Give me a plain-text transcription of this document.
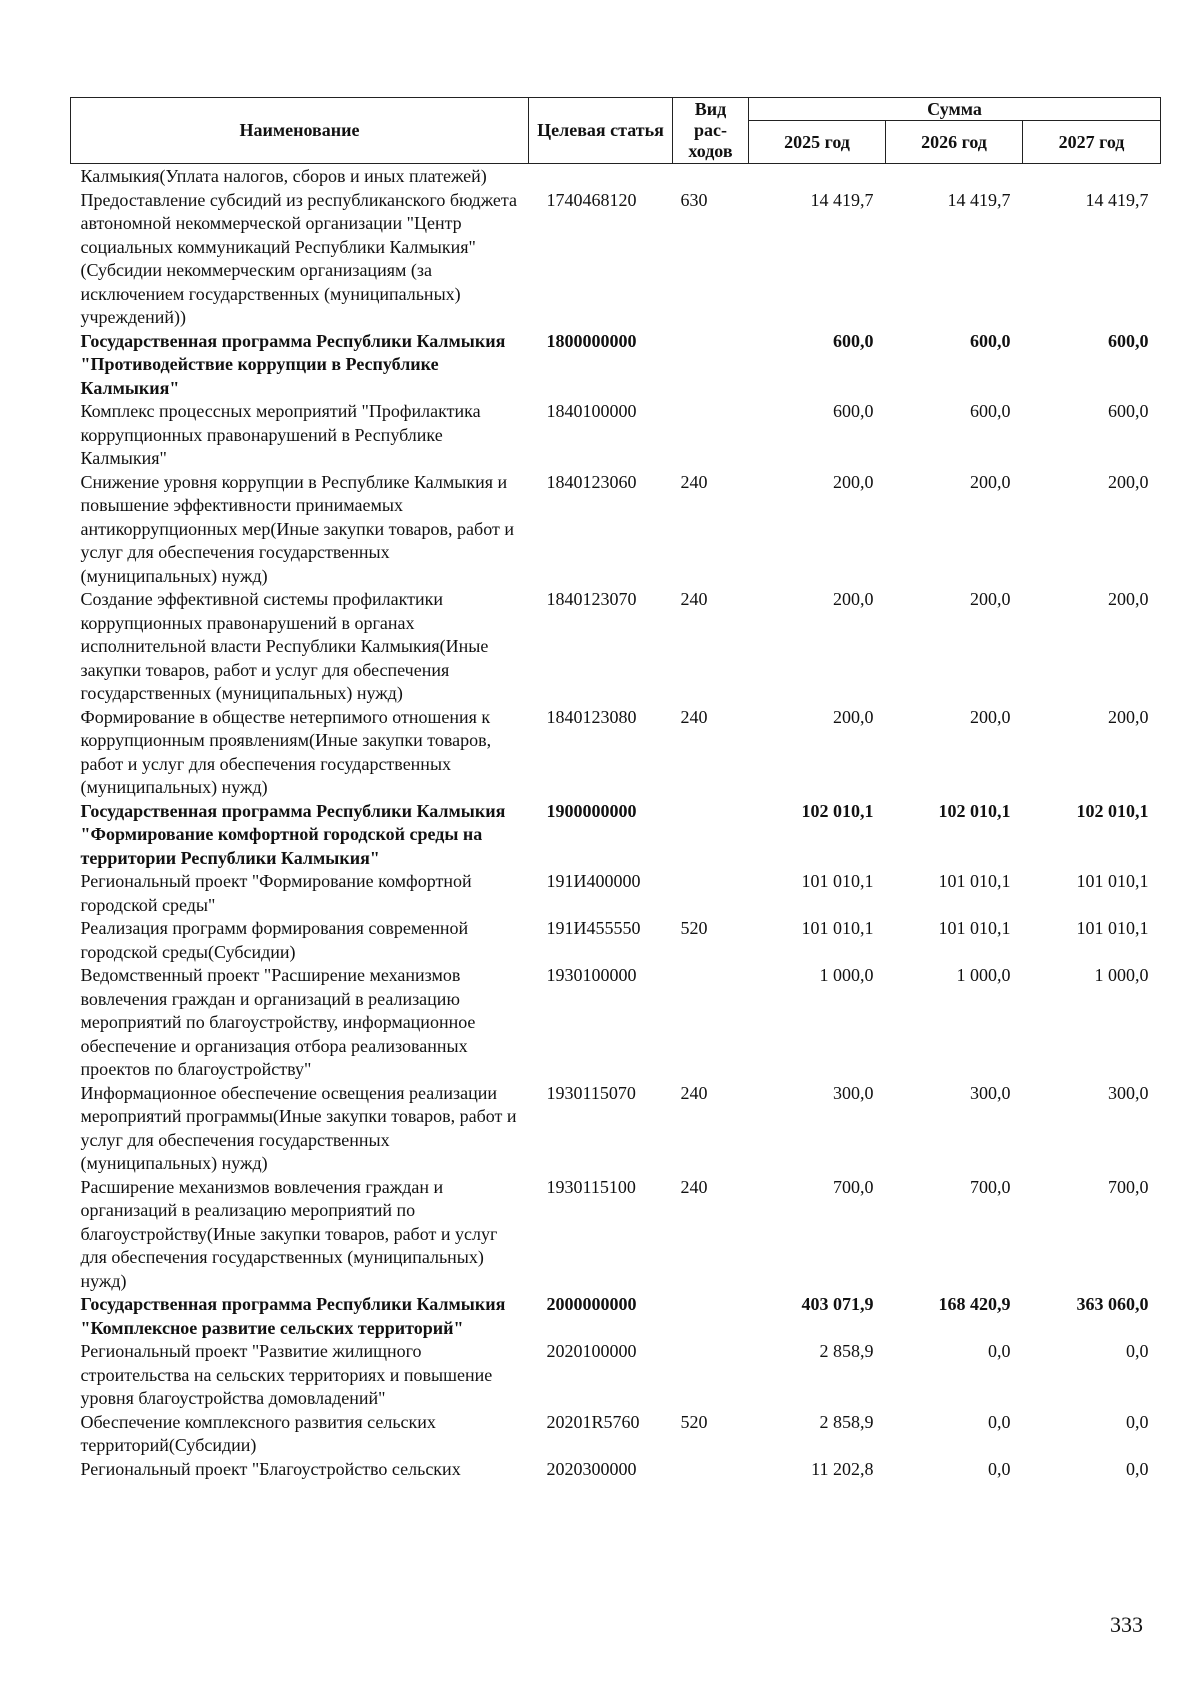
Наименование	Целевая статья	Вид рас-ходов	Сумма		
			2025 год	2026 год	2027 год
Калмыкия(Уплата налогов, сборов и иных платежей)					
Предоставление субсидий из республиканского бюджета автономной некоммерческой организации "Центр социальных коммуникаций Республики Калмыкия"(Субсидии некоммерческим организациям (за исключением государственных (муниципальных) учреждений))	1740468120	630	14 419,7	14 419,7	14 419,7
Государственная программа Республики Калмыкия "Противодействие коррупции в Республике Калмыкия"	1800000000		600,0	600,0	600,0
Комплекс процессных мероприятий "Профилактика коррупционных правонарушений в Республике Калмыкия"	1840100000		600,0	600,0	600,0
Снижение уровня коррупции в Республике Калмыкия и повышение эффективности принимаемых антикоррупционных мер(Иные закупки товаров, работ и услуг для обеспечения государственных (муниципальных) нужд)	1840123060	240	200,0	200,0	200,0
Создание эффективной системы профилактики коррупционных правонарушений в органах исполнительной власти Республики Калмыкия(Иные закупки товаров, работ и услуг для обеспечения государственных (муниципальных) нужд)	1840123070	240	200,0	200,0	200,0
Формирование в обществе нетерпимого отношения к коррупционным проявлениям(Иные закупки товаров, работ и услуг для обеспечения государственных (муниципальных) нужд)	1840123080	240	200,0	200,0	200,0
Государственная программа Республики Калмыкия "Формирование комфортной городской среды на территории Республики Калмыкия"	1900000000		102 010,1	102 010,1	102 010,1
Региональный проект "Формирование комфортной городской среды"	191И400000		101 010,1	101 010,1	101 010,1
Реализация программ формирования современной городской среды(Субсидии)	191И455550	520	101 010,1	101 010,1	101 010,1
Ведомственный проект "Расширение механизмов вовлечения граждан и организаций в реализацию мероприятий по благоустройству, информационное обеспечение и организация отбора реализованных проектов по благоустройству"	1930100000		1 000,0	1 000,0	1 000,0
Информационное обеспечение освещения реализации мероприятий программы(Иные закупки товаров, работ и услуг для обеспечения государственных (муниципальных) нужд)	1930115070	240	300,0	300,0	300,0
Расширение механизмов вовлечения граждан и организаций в реализацию мероприятий по благоустройству(Иные закупки товаров, работ и услуг для обеспечения государственных (муниципальных) нужд)	1930115100	240	700,0	700,0	700,0
Государственная программа Республики Калмыкия "Комплексное развитие сельских территорий"	2000000000		403 071,9	168 420,9	363 060,0
Региональный проект "Развитие жилищного строительства на сельских территориях и повышение уровня благоустройства домовладений"	2020100000		2 858,9	0,0	0,0
Обеспечение комплексного развития сельских территорий(Субсидии)	20201R5760	520	2 858,9	0,0	0,0
Региональный проект "Благоустройство сельских	2020300000		11 202,8	0,0	0,0
333
